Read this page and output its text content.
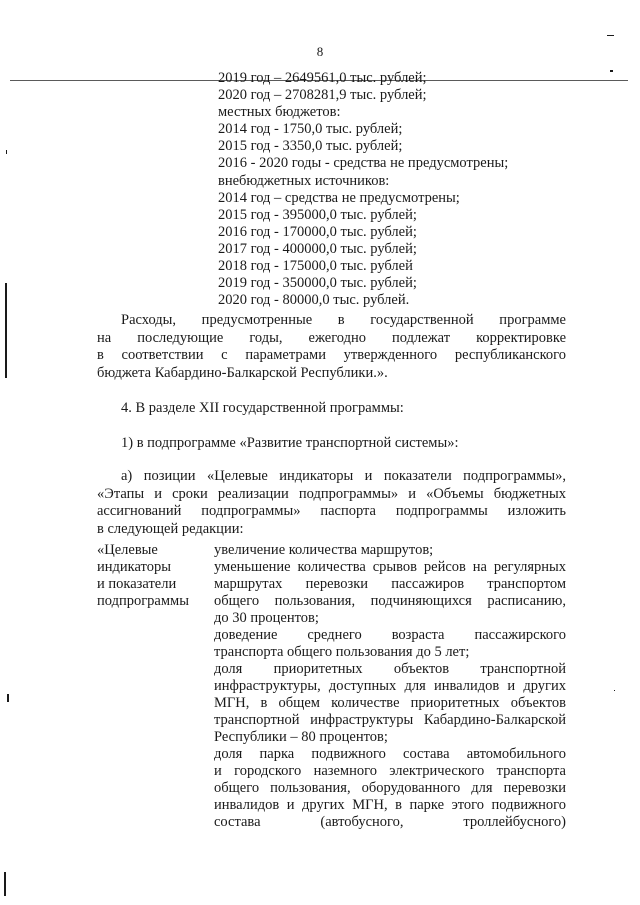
8
2019 год – 2649561,0 тыс. рублей;
2020 год – 2708281,9 тыс. рублей;
местных бюджетов:
2014 год - 1750,0 тыс. рублей;
2015 год - 3350,0 тыс. рублей;
2016 - 2020 годы - средства не предусмотрены;
внебюджетных источников:
2014 год – средства не предусмотрены;
2015 год - 395000,0 тыс. рублей;
2016 год - 170000,0 тыс. рублей;
2017 год - 400000,0 тыс. рублей;
2018 год - 175000,0 тыс. рублей
2019 год - 350000,0 тыс. рублей;
2020 год - 80000,0 тыс. рублей.
Расходы, предусмотренные в государственной программе
на последующие годы, ежегодно подлежат корректировке
в соответствии с параметрами утвержденного республиканского
бюджета Кабардино-Балкарской Республики.».
4. В разделе XII государственной программы:
1) в подпрограмме «Развитие транспортной системы»:
а) позиции «Целевые индикаторы и показатели подпрограммы»,
«Этапы и сроки реализации подпрограммы» и «Объемы бюджетных
ассигнований подпрограммы» паспорта подпрограммы изложить
в следующей редакции:
«Целевые
индикаторы
и показатели
подпрограммы
увеличение количества маршрутов;
уменьшение количества срывов рейсов на регулярных
маршрутах перевозки пассажиров транспортом
общего пользования, подчиняющихся расписанию,
до 30 процентов;
доведение среднего возраста пассажирского
транспорта общего пользования до 5 лет;
доля приоритетных объектов транспортной
инфраструктуры, доступных для инвалидов и других
МГН, в общем количестве приоритетных объектов
транспортной инфраструктуры Кабардино-Балкарской
Республики – 80 процентов;
доля парка подвижного состава автомобильного
и городского наземного электрического транспорта
общего пользования, оборудованного для перевозки
инвалидов и других МГН, в парке этого подвижного
состава (автобусного, троллейбусного)
